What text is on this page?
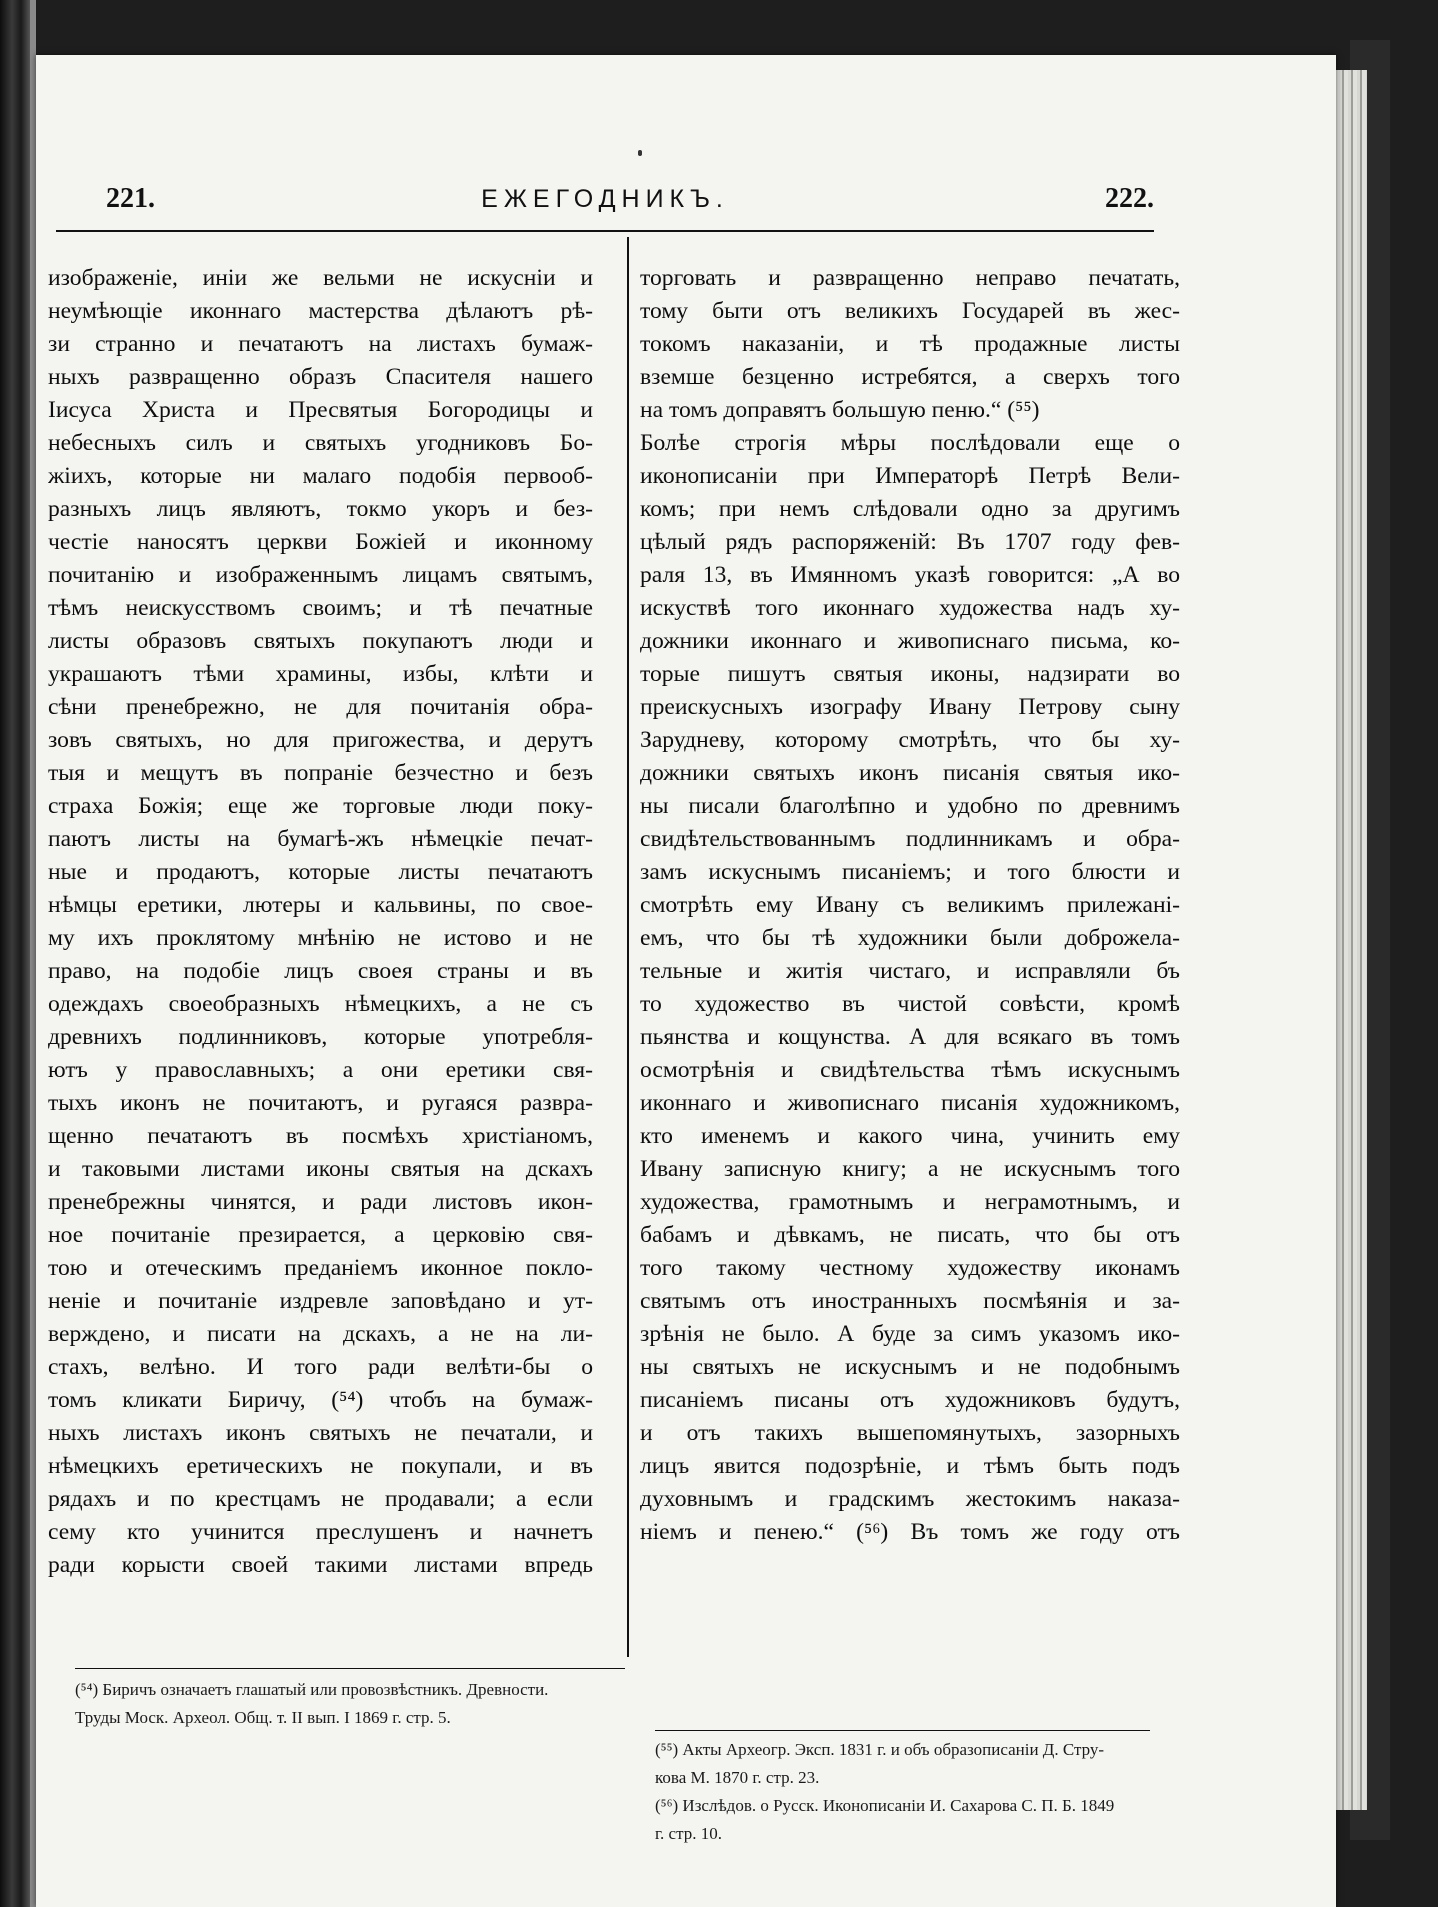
221.	ЕЖЕГОДНИКЪ.	222.
изображеніе, иніи же вельми не искусніи и
неумѣющіе иконнаго мастерства дѣлаютъ рѣ-
зи странно и печатаютъ на листахъ бумаж-
ныхъ развращенно образъ Спасителя нашего
Іисуса Христа и Пресвятыя Богородицы и
небесныхъ силъ и святыхъ угодниковъ Бо-
жіихъ, которые ни малаго подобія первооб-
разныхъ лицъ являютъ, токмо укоръ и без-
честіе наносятъ церкви Божіей и иконному
почитанію и изображеннымъ лицамъ святымъ,
тѣмъ неискусствомъ своимъ; и тѣ печатные
листы образовъ святыхъ покупаютъ люди и
украшаютъ тѣми храмины, избы, клѣти и
сѣни пренебрежно, не для почитанія обра-
зовъ святыхъ, но для пригожества, и дерутъ
тыя и мещутъ въ попраніе безчестно и безъ
страха Божія; еще же торговые люди поку-
паютъ листы на бумагѣ-жъ нѣмецкіе печат-
ные и продаютъ, которые листы печатаютъ
нѣмцы еретики, лютеры и кальвины, по свое-
му ихъ проклятому мнѣнію не истово и не
право, на подобіе лицъ своея страны и въ
одеждахъ своеобразныхъ нѣмецкихъ, а не съ
древнихъ подлинниковъ, которые употребля-
ютъ у православныхъ; а они еретики свя-
тыхъ иконъ не почитаютъ, и ругаяся развра-
щенно печатаютъ въ посмѣхъ христіаномъ,
и таковыми листами иконы святыя на дскахъ
пренебрежны чинятся, и ради листовъ икон-
ное почитаніе презирается, а церковію свя-
тою и отеческимъ преданіемъ иконное покло-
неніе и почитаніе издревле заповѣдано и ут-
верждено, и писати на дскахъ, а не на ли-
стахъ, велѣно. И того ради велѣти-бы о
томъ кликати Биричу, (⁵⁴) чтобъ на бумаж-
ныхъ листахъ иконъ святыхъ не печатали, и
нѣмецкихъ еретическихъ не покупали, и въ
рядахъ и по крестцамъ не продавали; а если
сему кто учинится преслушенъ и начнетъ
ради корысти своей такими листами впредь
торговать и развращенно неправо печатать,
тому быти отъ великихъ Государей въ жес-
токомъ наказаніи, и тѣ продажные листы
вземше безценно истребятся, а сверхъ того
на томъ доправятъ большую пеню.“ (⁵⁵)
Болѣе строгія мѣры послѣдовали еще о
иконописаніи при Императорѣ Петрѣ Вели-
комъ; при немъ слѣдовали одно за другимъ
цѣлый рядъ распоряженій: Въ 1707 году фев-
раля 13, въ Имянномъ указѣ говорится: „А во
искуствѣ того иконнаго художества надъ ху-
дожники иконнаго и живописнаго письма, ко-
торые пишутъ святыя иконы, надзирати во
преискусныхъ изографу Ивану Петрову сыну
Зарудневу, которому смотрѣть, что бы ху-
дожники святыхъ иконъ писанія святыя ико-
ны писали благолѣпно и удобно по древнимъ
свидѣтельствованнымъ подлинникамъ и обра-
замъ искуснымъ писаніемъ; и того блюсти и
смотрѣть ему Ивану съ великимъ прилежані-
емъ, что бы тѣ художники были доброжела-
тельные и житія чистаго, и исправляли бъ
то художество въ чистой совѣсти, кромѣ
пьянства и кощунства. А для всякаго въ томъ
осмотрѣнія и свидѣтельства тѣмъ искуснымъ
иконнаго и живописнаго писанія художникомъ,
кто именемъ и какого чина, учинить ему
Ивану записную книгу; а не искуснымъ того
художества, грамотнымъ и неграмотнымъ, и
бабамъ и дѣвкамъ, не писать, что бы отъ
того такому честному художеству иконамъ
святымъ отъ иностранныхъ посмѣянія и за-
зрѣнія не было. А буде за симъ указомъ ико-
ны святыхъ не искуснымъ и не подобнымъ
писаніемъ писаны отъ художниковъ будутъ,
и отъ такихъ вышепомянутыхъ, зазорныхъ
лицъ явится подозрѣніе, и тѣмъ быть подъ
духовнымъ и градскимъ жестокимъ наказа-
ніемъ и пенею.“ (⁵⁶) Въ томъ же году отъ
(⁵⁴) Биричъ означаетъ глашатый или провозвѣстникъ. Древности.
Труды Моск. Археол. Общ. т. II вып. I 1869 г. стр. 5.
(⁵⁵) Акты Археогр. Эксп. 1831 г. и объ образописаніи Д. Стру-
кова М. 1870 г. стр. 23.
(⁵⁶) Изслѣдов. о Русск. Иконописаніи И. Сахарова С. П. Б. 1849
г. стр. 10.
